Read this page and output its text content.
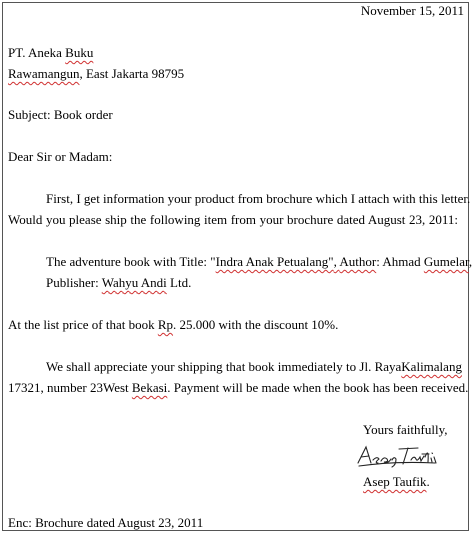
November 15, 2011
PT. Aneka Buku
Rawamangun, East Jakarta 98795
Subject: Book order
Dear Sir or Madam:
First, I get information your product from brochure which I attach with this letter.
Would you please ship the following item from your brochure dated August 23, 2011:
The adventure book with Title: "Indra Anak Petualang", Author: Ahmad Gumelar,
Publisher: Wahyu Andi Ltd.
At the list price of that book Rp. 25.000 with the discount 10%.
We shall appreciate your shipping that book immediately to Jl. Raya Kalimalang
17321, number 23West Bekasi. Payment will be made when the book has been received.
Yours faithfully,
Asep Taufik.
Enc: Brochure dated August 23, 2011
